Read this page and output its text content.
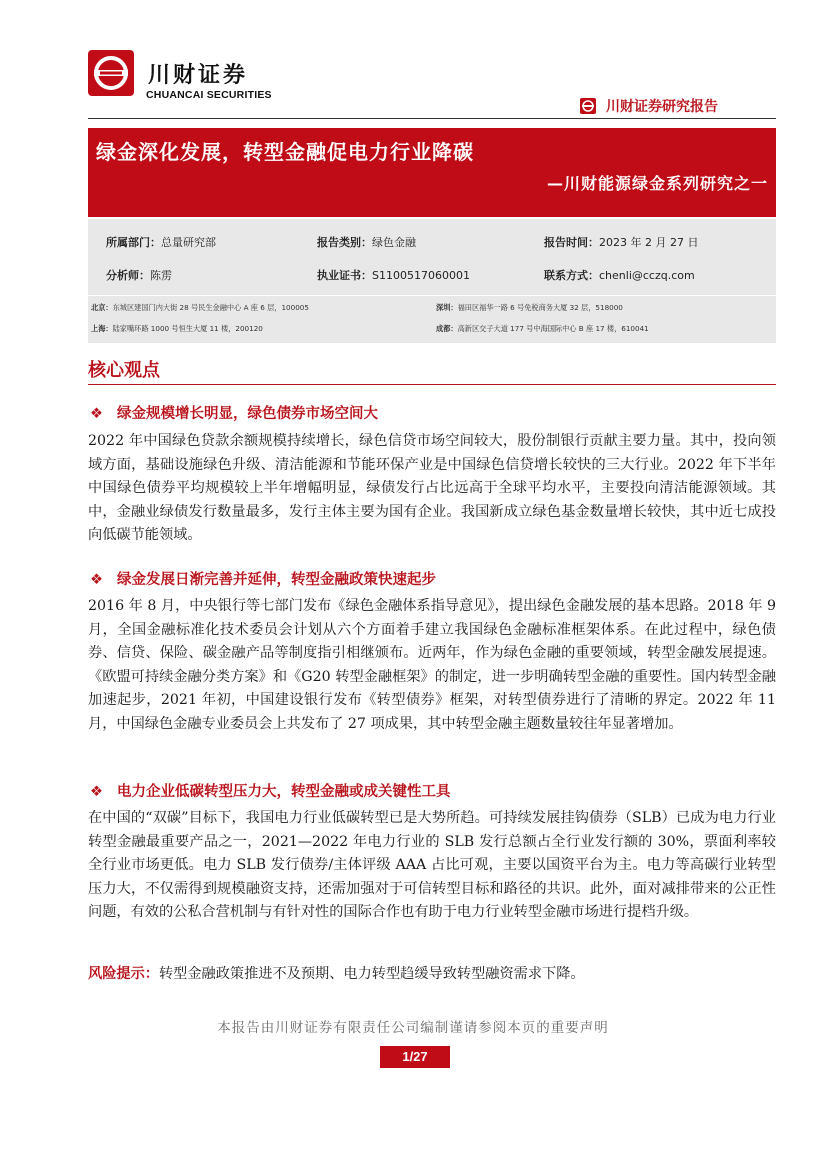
川财证券
CHUANCAI SECURITIES
川财证券研究报告
绿金深化发展，转型金融促电力行业降碳
—川财能源绿金系列研究之一
所属部门：总量研究部	报告类别：绿色金融	报告时间：2023 年 2 月 27 日
分析师：陈雳	执业证书：S1100517060001	联系方式：chenli@cczq.com
北京：东城区建国门内大街 28 号民生金融中心 A 座 6 层，100005	深圳：福田区福华一路 6 号免税商务大厦 32 层，518000
上海：陆家嘴环路 1000 号恒生大厦 11 楼，200120	成都：高新区交子大道 177 号中海国际中心 B 座 17 楼，610041
核心观点
❖ 绿金规模增长明显，绿色债券市场空间大
2022 年中国绿色贷款余额规模持续增长，绿色信贷市场空间较大，股份制银行贡献主要力量。其中，投向领域方面，基础设施绿色升级、清洁能源和节能环保产业是中国绿色信贷增长较快的三大行业。2022 年下半年中国绿色债券平均规模较上半年增幅明显，绿债发行占比远高于全球平均水平，主要投向清洁能源领域。其中，金融业绿债发行数量最多，发行主体主要为国有企业。我国新成立绿色基金数量增长较快，其中近七成投向低碳节能领域。
❖ 绿金发展日渐完善并延伸，转型金融政策快速起步
2016 年 8 月，中央银行等七部门发布《绿色金融体系指导意见》，提出绿色金融发展的基本思路。2018 年 9 月，全国金融标准化技术委员会计划从六个方面着手建立我国绿色金融标准框架体系。在此过程中，绿色债券、信贷、保险、碳金融产品等制度指引相继颁布。近两年，作为绿色金融的重要领域，转型金融发展提速。《欧盟可持续金融分类方案》和《G20 转型金融框架》的制定，进一步明确转型金融的重要性。国内转型金融加速起步，2021 年初，中国建设银行发布《转型债券》框架，对转型债券进行了清晰的界定。2022 年 11 月，中国绿色金融专业委员会上共发布了 27 项成果，其中转型金融主题数量较往年显著增加。
❖ 电力企业低碳转型压力大，转型金融或成关键性工具
在中国的“双碳”目标下，我国电力行业低碳转型已是大势所趋。可持续发展挂钩债券（SLB）已成为电力行业转型金融最重要产品之一，2021—2022 年电力行业的 SLB 发行总额占全行业发行额的 30%，票面利率较全行业市场更低。电力 SLB 发行债券/主体评级 AAA 占比可观，主要以国资平台为主。电力等高碳行业转型压力大，不仅需得到规模融资支持，还需加强对于可信转型目标和路径的共识。此外，面对减排带来的公正性问题，有效的公私合营机制与有针对性的国际合作也有助于电力行业转型金融市场进行提档升级。
风险提示：转型金融政策推进不及预期、电力转型趋缓导致转型融资需求下降。
本报告由川财证券有限责任公司编制谨请参阅本页的重要声明
1/27
